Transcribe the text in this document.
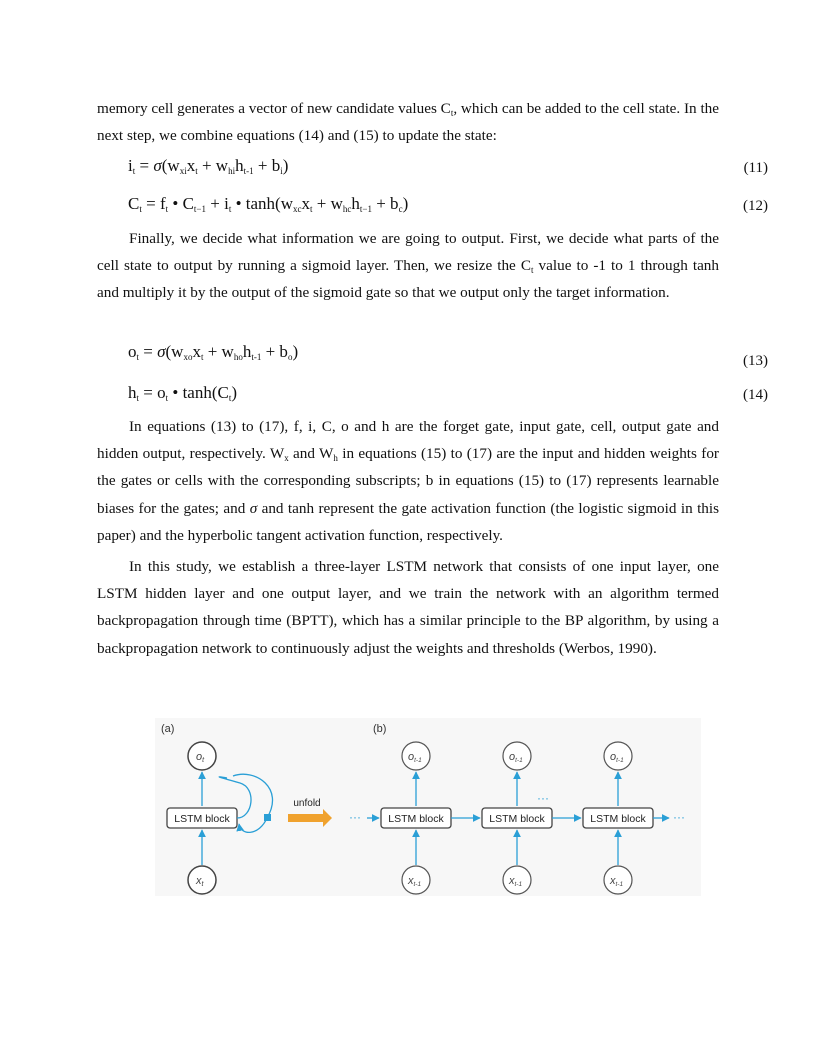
memory cell generates a vector of new candidate values $C_t$, which can be added to the cell state. In the next step, we combine equations (14) and (15) to update the state:

$i_t = \sigma(w_{xi}x_t + w_{hi}h_{t-1} + b_i)$	(11)
$C_t = f_t$ • $C_{t-1} + i_t$ • $\tanh(w_{xc}x_t + w_{hc}h_{t-1} + b_c)$	(12)

Finally, we decide what information we are going to output. First, we decide what parts of the cell state to output by running a sigmoid layer. Then, we resize the $C_t$ value to -1 to 1 through tanh and multiply it by the output of the sigmoid gate so that we output only the target information.

$o_t = \sigma(w_{xo}x_t + w_{ho}h_{t-1} + b_o)$	(13)
$h_t = o_t$ • $\tanh(C_t)$	(14)

In equations (13) to (17), f, i, C, o and h are the forget gate, input gate, cell, output gate and hidden output, respectively. $W_x$ and $W_h$ in equations (15) to (17) are the input and hidden weights for the gates or cells with the corresponding subscripts; b in equations (15) to (17) represents learnable biases for the gates; and σ and tanh represent the gate activation function (the logistic sigmoid in this paper) and the hyperbolic tangent activation function, respectively.

In this study, we establish a three-layer LSTM network that consists of one input layer, one LSTM hidden layer and one output layer, and we train the network with an algorithm termed backpropagation through time (BPTT), which has a similar principle to the BP algorithm, by using a backpropagation network to continuously adjust the weights and thresholds (Werbos, 1990).

(a)	(b)
ot
LSTM block
xt
unfold
···	LSTM block
ot-1
xt-1
LSTM block
ot-1
···
xt-1
LSTM block
ot-1
xt-1
···
